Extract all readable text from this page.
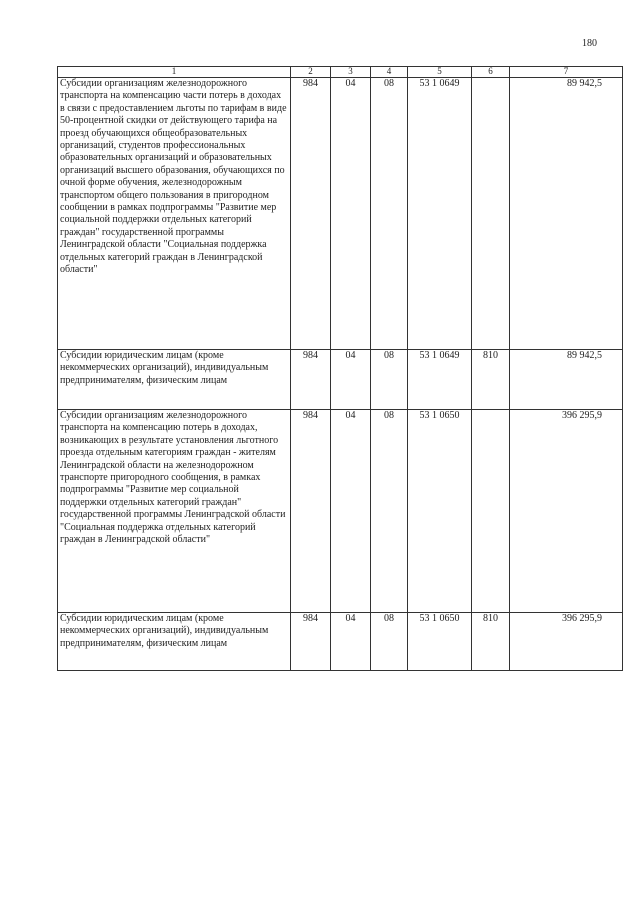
180
1	2	3	4	5	6	7
Субсидии организациям железнодорожного транспорта на компенсацию части потерь в доходах в связи с предоставлением льготы по тарифам в виде 50-процентной скидки от действующего тарифа на проезд обучающихся общеобразовательных организаций, студентов профессиональных образовательных организаций и образовательных организаций высшего образования, обучающихся по очной форме обучения, железнодорожным транспортом общего пользования в пригородном сообщении в рамках подпрограммы "Развитие мер социальной поддержки отдельных категорий граждан" государственной программы Ленинградской области "Социальная поддержка отдельных категорий граждан в Ленинградской области"	984	04	08	53 1 0649		89 942,5
Субсидии юридическим лицам (кроме некоммерческих организаций), индивидуальным предпринимателям, физическим лицам	984	04	08	53 1 0649	810	89 942,5
Субсидии организациям железнодорожного транспорта на компенсацию потерь в доходах, возникающих в результате установления льготного проезда отдельным категориям граждан - жителям Ленинградской области на железнодорожном транспорте пригородного сообщения, в рамках подпрограммы "Развитие мер социальной поддержки отдельных категорий граждан" государственной программы Ленинградской области "Социальная поддержка отдельных категорий граждан в Ленинградской области"	984	04	08	53 1 0650		396 295,9
Субсидии юридическим лицам (кроме некоммерческих организаций), индивидуальным предпринимателям, физическим лицам	984	04	08	53 1 0650	810	396 295,9
